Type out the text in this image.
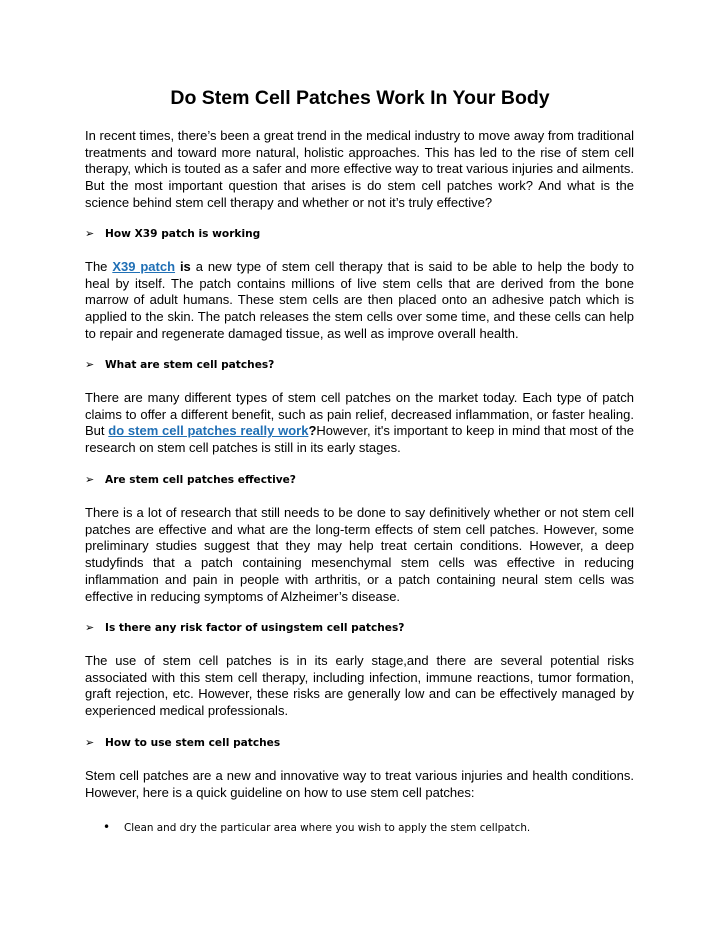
Do Stem Cell Patches Work In Your Body

In recent times, there’s been a great trend in the medical industry to move away from traditional treatments and toward more natural, holistic approaches. This has led to the rise of stem cell therapy, which is touted as a safer and more effective way to treat various injuries and ailments. But the most important question that arises is do stem cell patches work? And what is the science behind stem cell therapy and whether or not it’s truly effective?

➢ How X39 patch is working

The X39 patch is a new type of stem cell therapy that is said to be able to help the body to heal by itself. The patch contains millions of live stem cells that are derived from the bone marrow of adult humans. These stem cells are then placed onto an adhesive patch which is applied to the skin. The patch releases the stem cells over some time, and these cells can help to repair and regenerate damaged tissue, as well as improve overall health.

➢ What are stem cell patches?

There are many different types of stem cell patches on the market today. Each type of patch claims to offer a different benefit, such as pain relief, decreased inflammation, or faster healing. But do stem cell patches really work?However, it's important to keep in mind that most of the research on stem cell patches is still in its early stages.

➢ Are stem cell patches effective?

There is a lot of research that still needs to be done to say definitively whether or not stem cell patches are effective and what are the long-term effects of stem cell patches. However, some preliminary studies suggest that they may help treat certain conditions. However, a deep studyfinds that a patch containing mesenchymal stem cells was effective in reducing inflammation and pain in people with arthritis, or a patch containing neural stem cells was effective in reducing symptoms of Alzheimer’s disease.

➢ Is there any risk factor of usingstem cell patches?

The use of stem cell patches is in its early stage,and there are several potential risks associated with this stem cell therapy, including infection, immune reactions, tumor formation, graft rejection, etc. However, these risks are generally low and can be effectively managed by experienced medical professionals.

➢ How to use stem cell patches

Stem cell patches are a new and innovative way to treat various injuries and health conditions. However, here is a quick guideline on how to use stem cell patches:

• Clean and dry the particular area where you wish to apply the stem cellpatch.
